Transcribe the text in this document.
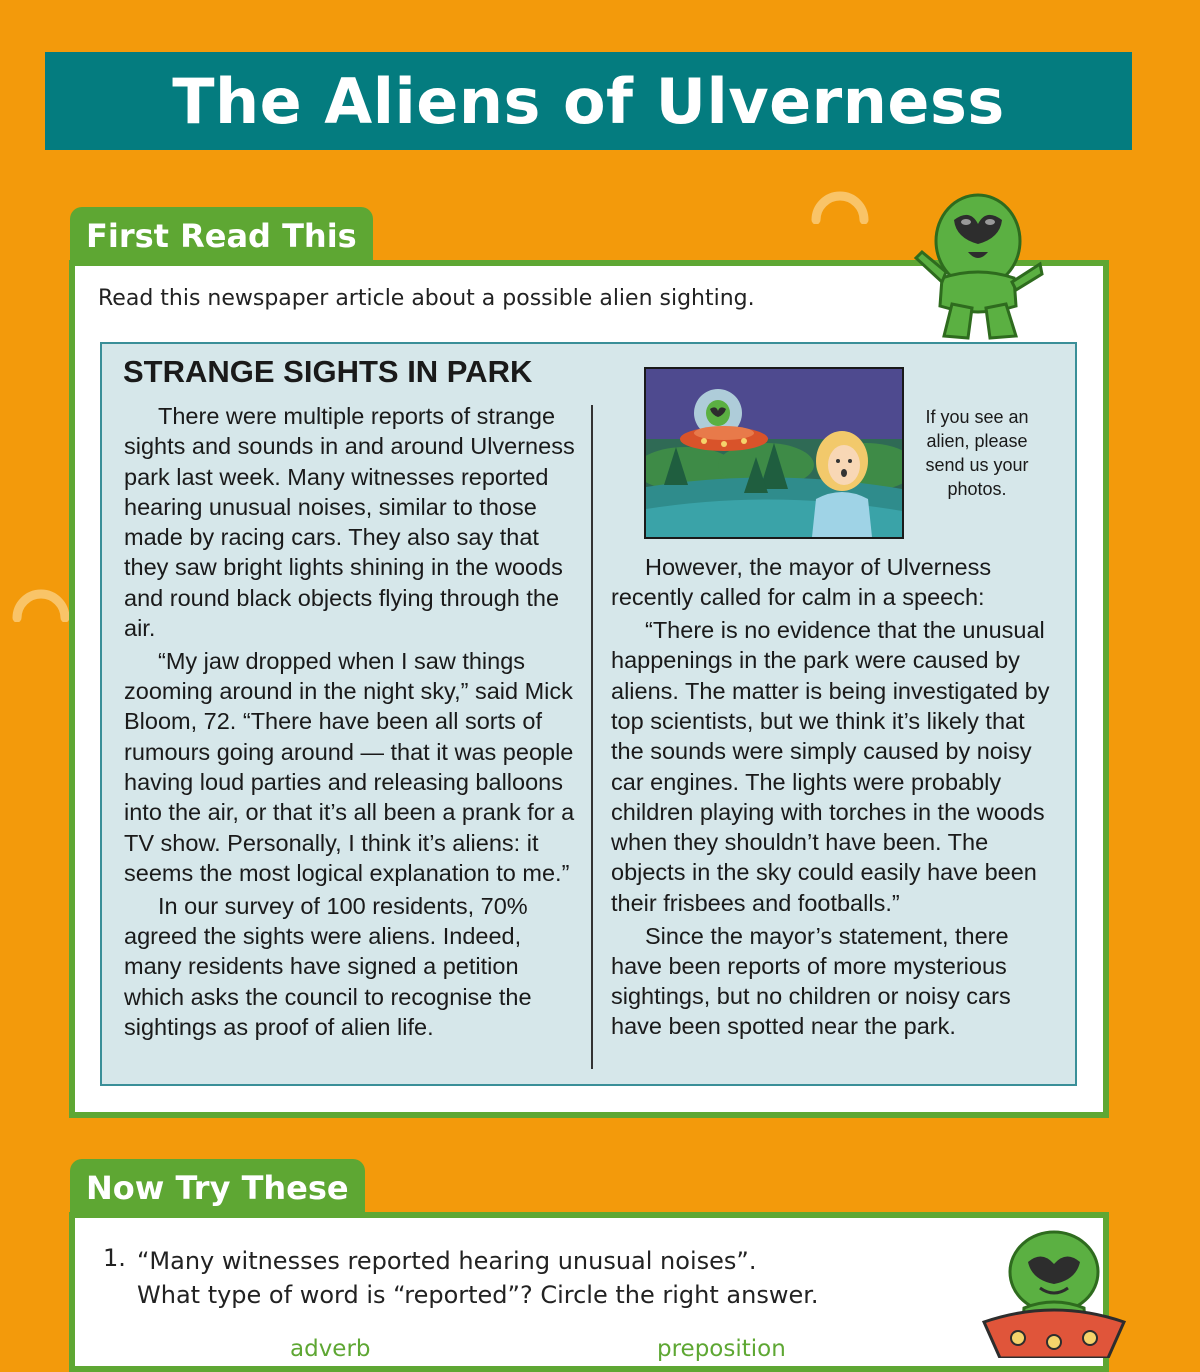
The Aliens of Ulverness
First Read This

Read this newspaper article about a possible alien sighting.

STRANGE SIGHTS IN PARK

There were multiple reports of strange sights and sounds in and around Ulverness park last week. Many witnesses reported hearing unusual noises, similar to those made by racing cars. They also say that they saw bright lights shining in the woods and round black objects flying through the air.

“My jaw dropped when I saw things zooming around in the night sky,” said Mick Bloom, 72. “There have been all sorts of rumours going around — that it was people having loud parties and releasing balloons into the air, or that it’s all been a prank for a TV show. Personally, I think it’s aliens: it seems the most logical explanation to me.”

In our survey of 100 residents, 70% agreed the sights were aliens. Indeed, many residents have signed a petition which asks the council to recognise the sightings as proof of alien life.

If you see an alien, please send us your photos.

However, the mayor of Ulverness recently called for calm in a speech:

“There is no evidence that the unusual happenings in the park were caused by aliens. The matter is being investigated by top scientists, but we think it’s likely that the sounds were simply caused by noisy car engines. The lights were probably children playing with torches in the woods when they shouldn’t have been. The objects in the sky could easily have been their frisbees and footballs.”

Since the mayor’s statement, there have been reports of more mysterious sightings, but no children or noisy cars have been spotted near the park.

Now Try These
1. “Many witnesses reported hearing unusual noises”.
What type of word is “reported”? Circle the right answer.
adverb	preposition
